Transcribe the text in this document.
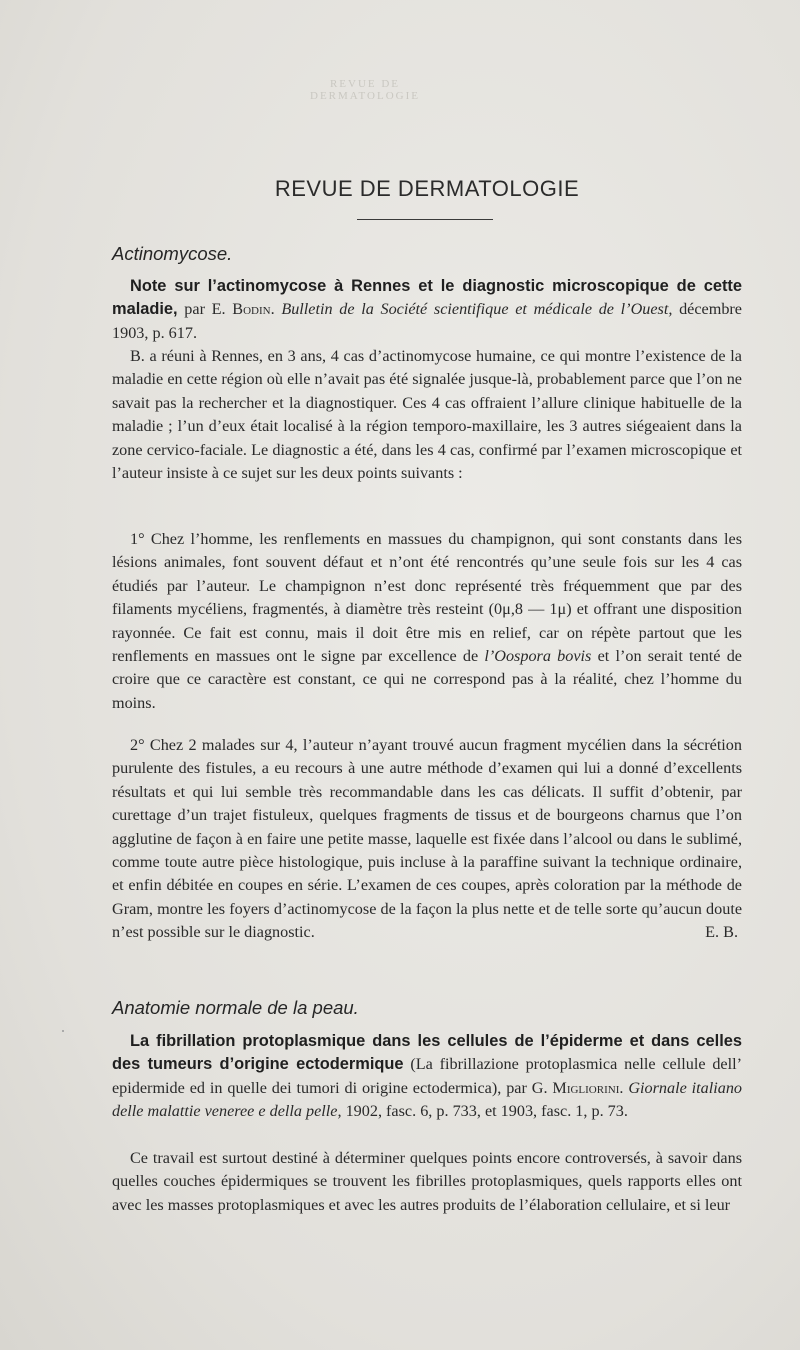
REVUE DE DERMATOLOGIE
REVUE DE DERMATOLOGIE
Actinomycose.
Note sur l’actinomycose à Rennes et le diagnostic microscopique de cette maladie, par E. Bodin. Bulletin de la Société scientifique et médicale de l’Ouest, décembre 1903, p. 617.
B. a réuni à Rennes, en 3 ans, 4 cas d’actinomycose humaine, ce qui montre l’existence de la maladie en cette région où elle n’avait pas été signalée jusque-là, probablement parce que l’on ne savait pas la rechercher et la diagnostiquer. Ces 4 cas offraient l’allure clinique habituelle de la maladie ; l’un d’eux était localisé à la région temporo-maxillaire, les 3 autres siégeaient dans la zone cervico-faciale. Le diagnostic a été, dans les 4 cas, confirmé par l’examen microscopique et l’auteur insiste à ce sujet sur les deux points suivants :
1° Chez l’homme, les renflements en massues du champignon, qui sont constants dans les lésions animales, font souvent défaut et n’ont été rencontrés qu’une seule fois sur les 4 cas étudiés par l’auteur. Le champignon n’est donc représenté très fréquemment que par des filaments mycéliens, fragmentés, à diamètre très resteint (0μ,8 — 1μ) et offrant une disposition rayonnée. Ce fait est connu, mais il doit être mis en relief, car on répète partout que les renflements en massues ont le signe par excellence de l’Oospora bovis et l’on serait tenté de croire que ce caractère est constant, ce qui ne correspond pas à la réalité, chez l’homme du moins.
2° Chez 2 malades sur 4, l’auteur n’ayant trouvé aucun fragment mycélien dans la sécrétion purulente des fistules, a eu recours à une autre méthode d’examen qui lui a donné d’excellents résultats et qui lui semble très recommandable dans les cas délicats. Il suffit d’obtenir, par curettage d’un trajet fistuleux, quelques fragments de tissus et de bourgeons charnus que l’on agglutine de façon à en faire une petite masse, laquelle est fixée dans l’alcool ou dans le sublimé, comme toute autre pièce histologique, puis incluse à la paraffine suivant la technique ordinaire, et enfin débitée en coupes en série. L’examen de ces coupes, après coloration par la méthode de Gram, montre les foyers d’actinomycose de la façon la plus nette et de telle sorte qu’aucun doute n’est possible sur le diagnostic.	E. B.
Anatomie normale de la peau.
La fibrillation protoplasmique dans les cellules de l’épiderme et dans celles des tumeurs d’origine ectodermique (La fibrillazione protoplasmica nelle cellule dell’ epidermide ed in quelle dei tumori di origine ectodermica), par G. Migliorini. Giornale italiano delle malattie veneree e della pelle, 1902, fasc. 6, p. 733, et 1903, fasc. 1, p. 73.
Ce travail est surtout destiné à déterminer quelques points encore controversés, à savoir dans quelles couches épidermiques se trouvent les fibrilles protoplasmiques, quels rapports elles ont avec les masses protoplasmiques et avec les autres produits de l’élaboration cellulaire, et si leur
